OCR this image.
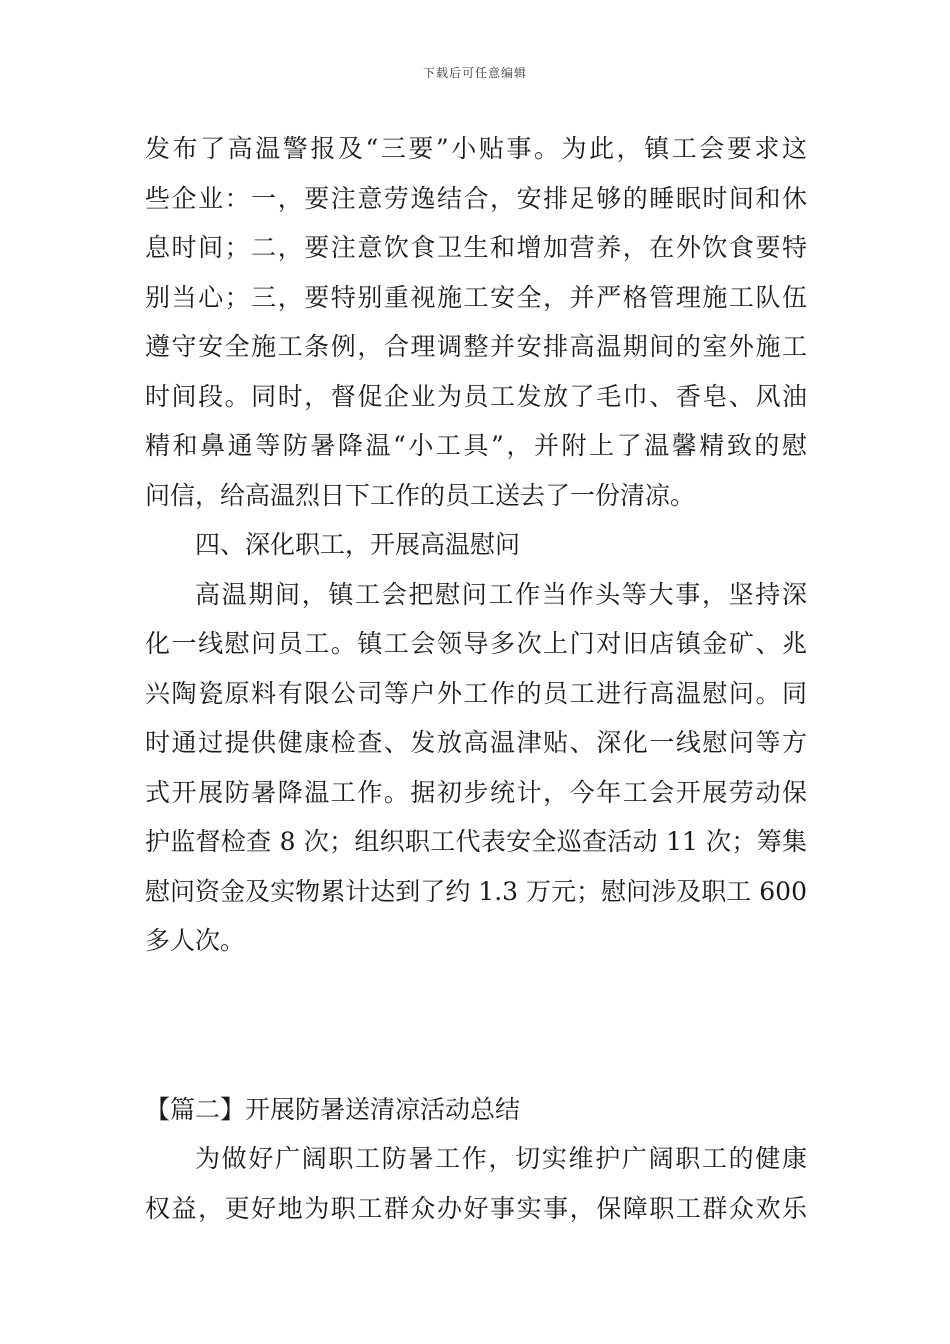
下载后可任意编辑
发布了高温警报及“三要”小贴事。为此，镇工会要求这
些企业：一，要注意劳逸结合，安排足够的睡眠时间和休
息时间；二，要注意饮食卫生和增加营养，在外饮食要特
别当心；三，要特别重视施工安全，并严格管理施工队伍
遵守安全施工条例，合理调整并安排高温期间的室外施工
时间段。同时，督促企业为员工发放了毛巾、香皂、风油
精和鼻通等防暑降温“小工具”，并附上了温馨精致的慰
问信，给高温烈日下工作的员工送去了一份清凉。
四、深化职工，开展高温慰问
高温期间，镇工会把慰问工作当作头等大事，坚持深
化一线慰问员工。镇工会领导多次上门对旧店镇金矿、兆
兴陶瓷原料有限公司等户外工作的员工进行高温慰问。同
时通过提供健康检查、发放高温津贴、深化一线慰问等方
式开展防暑降温工作。据初步统计，今年工会开展劳动保
护监督检查 8 次；组织职工代表安全巡查活动 11 次；筹集
慰问资金及实物累计达到了约 1.3 万元；慰问涉及职工 600
多人次。
【篇二】开展防暑送清凉活动总结
为做好广阔职工防暑工作，切实维护广阔职工的健康
权益，更好地为职工群众办好事实事，保障职工群众欢乐
